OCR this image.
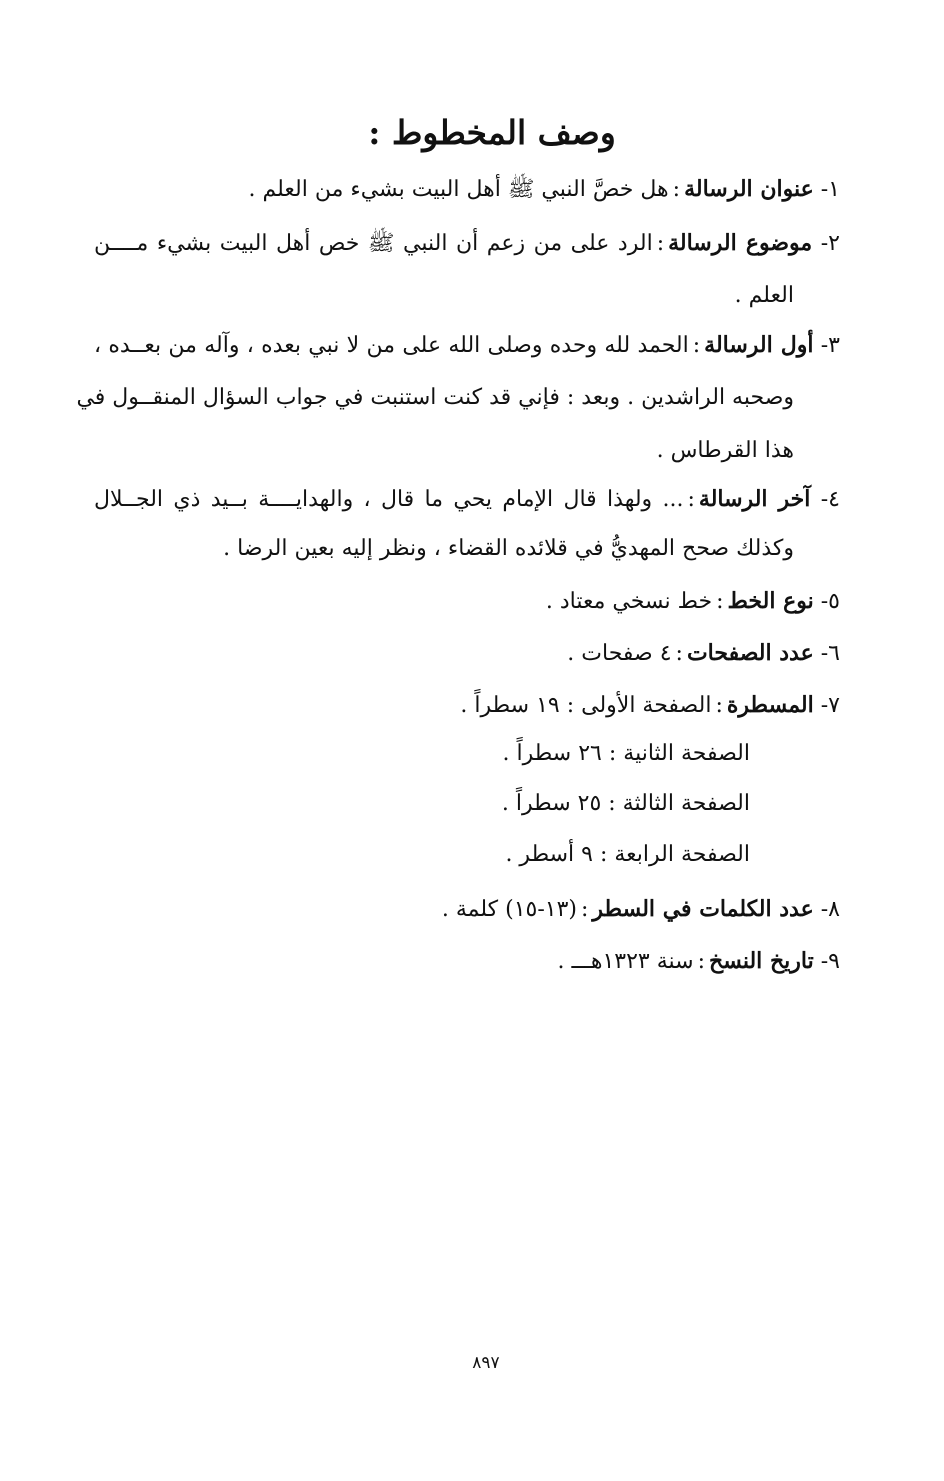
وصف المخطوط :
١- عنوان الرسالة:هل خصَّ النبي ﷺ أهل البيت بشيء من العلم .
٢- موضوع الرسالة:الرد على من زعم أن النبي ﷺ خص أهل البيت بشيء مــــن
العلم .
٣- أول الرسالة:الحمد لله وحده وصلى الله على من لا نبي بعده ، وآله من بعــده ،
وصحبه الراشدين . وبعد : فإني قد كنت استنبت في جواب السؤال المنقــول في
هذا القرطاس .
٤- آخر الرسالة:... ولهذا قال الإمام يحي ما قال ، والهدايــــة بــيد ذي الجــلال
وكذلك صحح المهديُّ في قلائده القضاء ، ونظر إليه بعين الرضا .
٥- نوع الخط:خط نسخي معتاد .
٦- عدد الصفحات:٤ صفحات .
٧- المسطرة:الصفحة الأولى : ١٩ سطراً .
الصفحة الثانية : ٢٦ سطراً .
الصفحة الثالثة : ٢٥ سطراً .
الصفحة الرابعة : ٩ أسطر .
٨- عدد الكلمات في السطر:(١٣-١٥) كلمة .
٩- تاريخ النسخ:سنة ١٣٢٣هـــ .
٨٩٧
